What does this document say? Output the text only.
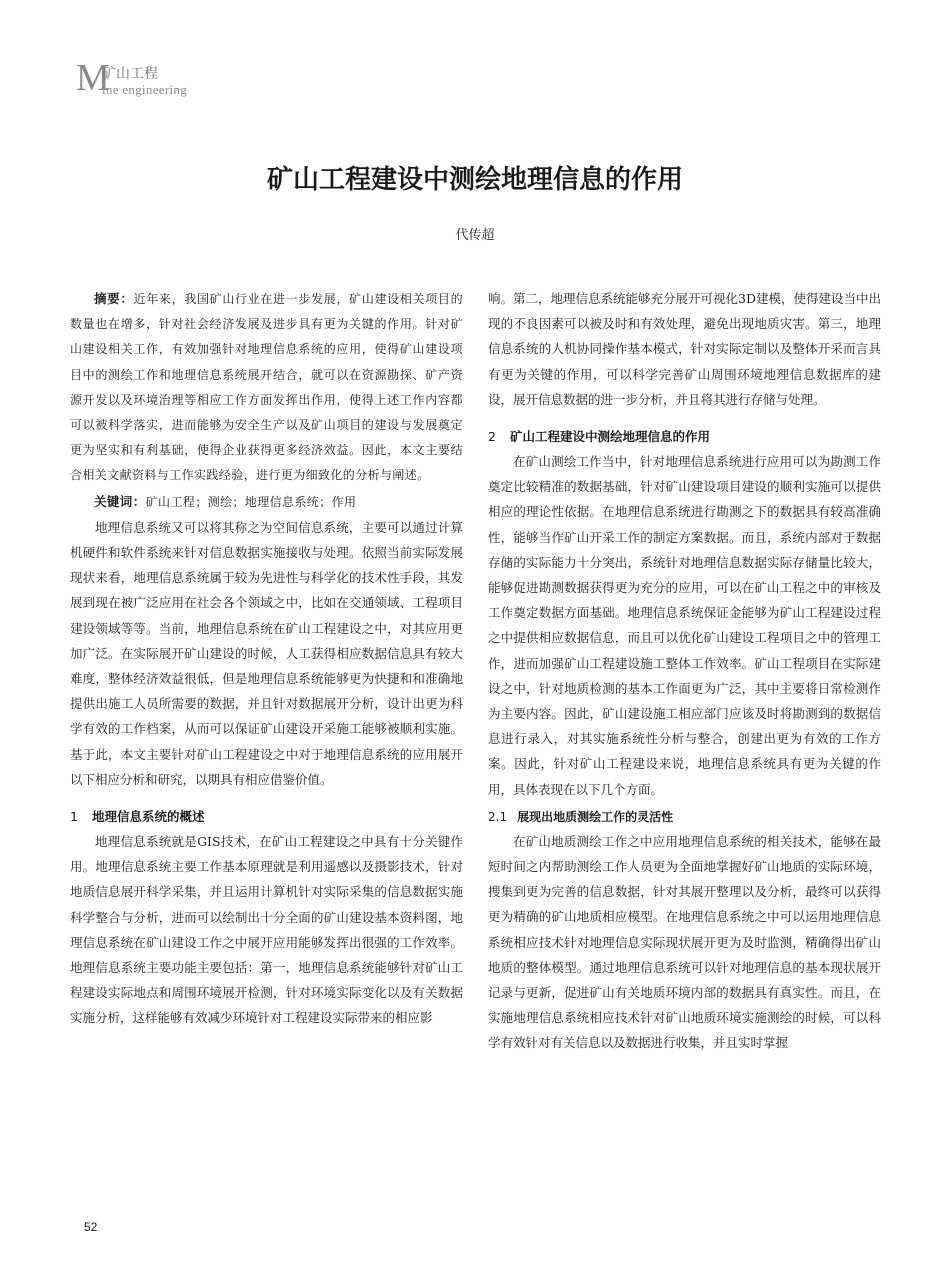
M
矿山工程
ine engineering
矿山工程建设中测绘地理信息的作用
代传超

摘要：近年来，我国矿山行业在进一步发展，矿山建设相关项目的数量也在增多，针对社会经济发展及进步具有更为关键的作用。针对矿山建设相关工作，有效加强针对地理信息系统的应用，使得矿山建设项目中的测绘工作和地理信息系统展开结合，就可以在资源勘探、矿产资源开发以及环境治理等相应工作方面发挥出作用，使得上述工作内容都可以被科学落实，进而能够为安全生产以及矿山项目的建设与发展奠定更为坚实和有利基础，使得企业获得更多经济效益。因此，本文主要结合相关文献资料与工作实践经验，进行更为细致化的分析与阐述。

关键词：矿山工程；测绘；地理信息系统；作用

地理信息系统又可以将其称之为空间信息系统，主要可以通过计算机硬件和软件系统来针对信息数据实施接收与处理。依照当前实际发展现状来看，地理信息系统属于较为先进性与科学化的技术性手段，其发展到现在被广泛应用在社会各个领域之中，比如在交通领域、工程项目建设领域等等。当前，地理信息系统在矿山工程建设之中，对其应用更加广泛。在实际展开矿山建设的时候，人工获得相应数据信息具有较大难度，整体经济效益很低，但是地理信息系统能够更为快捷和和准确地提供出施工人员所需要的数据，并且针对数据展开分析，设计出更为科学有效的工作档案，从而可以保证矿山建设开采施工能够被顺利实施。基于此，本文主要针对矿山工程建设之中对于地理信息系统的应用展开以下相应分析和研究，以期具有相应借鉴价值。

1 地理信息系统的概述

地理信息系统就是GIS技术，在矿山工程建设之中具有十分关键作用。地理信息系统主要工作基本原理就是利用遥感以及摄影技术，针对地质信息展开科学采集，并且运用计算机针对实际采集的信息数据实施科学整合与分析，进而可以绘制出十分全面的矿山建设基本资料图，地理信息系统在矿山建设工作之中展开应用能够发挥出很强的工作效率。地理信息系统主要功能主要包括：第一，地理信息系统能够针对矿山工程建设实际地点和周围环境展开检测，针对环境实际变化以及有关数据实施分析，这样能够有效减少环境针对工程建设实际带来的相应影

响。第二，地理信息系统能够充分展开可视化3D建模，使得建设当中出现的不良因素可以被及时和有效处理，避免出现地质灾害。第三，地理信息系统的人机协同操作基本模式，针对实际定制以及整体开采而言具有更为关键的作用，可以科学完善矿山周围环境地理信息数据库的建设，展开信息数据的进一步分析，并且将其进行存储与处理。

2 矿山工程建设中测绘地理信息的作用

在矿山测绘工作当中，针对地理信息系统进行应用可以为勘测工作奠定比较精准的数据基础，针对矿山建设项目建设的顺利实施可以提供相应的理论性依据。在地理信息系统进行勘测之下的数据具有较高准确性，能够当作矿山开采工作的制定方案数据。而且，系统内部对于数据存储的实际能力十分突出，系统针对地理信息数据实际存储量比较大，能够促进勘测数据获得更为充分的应用，可以在矿山工程之中的审核及工作奠定数据方面基础。地理信息系统保证金能够为矿山工程建设过程之中提供相应数据信息，而且可以优化矿山建设工程项目之中的管理工作，进而加强矿山工程建设施工整体工作效率。矿山工程项目在实际建设之中，针对地质检测的基本工作面更为广泛，其中主要将日常检测作为主要内容。因此，矿山建设施工相应部门应该及时将勘测到的数据信息进行录入，对其实施系统性分析与整合，创建出更为有效的工作方案。因此，针对矿山工程建设来说，地理信息系统具有更为关键的作用，具体表现在以下几个方面。

2.1 展现出地质测绘工作的灵活性

在矿山地质测绘工作之中应用地理信息系统的相关技术，能够在最短时间之内帮助测绘工作人员更为全面地掌握好矿山地质的实际环境，搜集到更为完善的信息数据，针对其展开整理以及分析，最终可以获得更为精确的矿山地质相应模型。在地理信息系统之中可以运用地理信息系统相应技术针对地理信息实际现状展开更为及时监测，精确得出矿山地质的整体模型。通过地理信息系统可以针对地理信息的基本现状展开记录与更新，促进矿山有关地质环境内部的数据具有真实性。而且，在实施地理信息系统相应技术针对矿山地质环境实施测绘的时候，可以科学有效针对有关信息以及数据进行收集，并且实时掌握

52
